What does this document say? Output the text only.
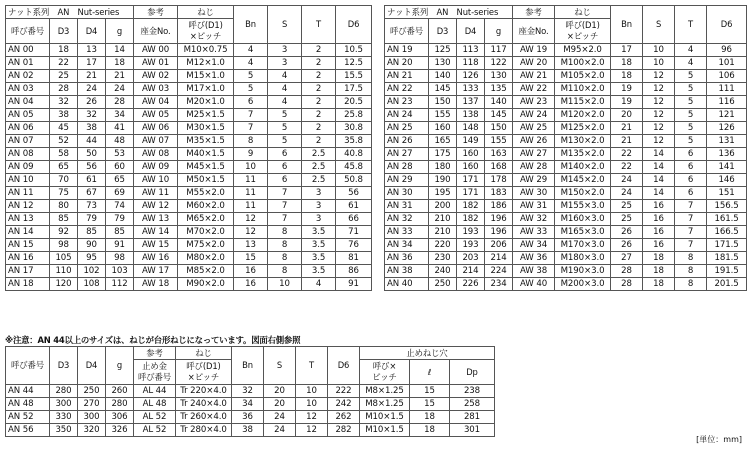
ナット系列　AN　Nut-series				参考	ねじ	Bn	S	T	D6
呼び番号	D3	D4	g	座金No.	呼び(D1)
×ピッチ				

AN 00	18	13	14	AW 00	M10×0.75	4	3	2	10.5
AN 01	22	17	18	AW 01	M12×1.0	4	3	2	12.5
AN 02	25	21	21	AW 02	M15×1.0	5	4	2	15.5
AN 03	28	24	24	AW 03	M17×1.0	5	4	2	17.5
AN 04	32	26	28	AW 04	M20×1.0	6	4	2	20.5
AN 05	38	32	34	AW 05	M25×1.5	7	5	2	25.8
AN 06	45	38	41	AW 06	M30×1.5	7	5	2	30.8
AN 07	52	44	48	AW 07	M35×1.5	8	5	2	35.8
AN 08	58	50	53	AW 08	M40×1.5	9	6	2.5	40.8
AN 09	65	56	60	AW 09	M45×1.5	10	6	2.5	45.8
AN 10	70	61	65	AW 10	M50×1.5	11	6	2.5	50.8
AN 11	75	67	69	AW 11	M55×2.0	11	7	3	56
AN 12	80	73	74	AW 12	M60×2.0	11	7	3	61
AN 13	85	79	79	AW 13	M65×2.0	12	7	3	66
AN 14	92	85	85	AW 14	M70×2.0	12	8	3.5	71
AN 15	98	90	91	AW 15	M75×2.0	13	8	3.5	76
AN 16	105	95	98	AW 16	M80×2.0	15	8	3.5	81
AN 17	110	102	103	AW 17	M85×2.0	16	8	3.5	86
AN 18	120	108	112	AW 18	M90×2.0	16	10	4	91
ナット系列　AN　Nut-series				参考	ねじ	Bn	S	T	D6
呼び番号	D3	D4	g	座金No.	呼び(D1)
×ピッチ				

AN 19	125	113	117	AW 19	M95×2.0	17	10	4	96
AN 20	130	118	122	AW 20	M100×2.0	18	10	4	101
AN 21	140	126	130	AW 21	M105×2.0	18	12	5	106
AN 22	145	133	135	AW 22	M110×2.0	19	12	5	111
AN 23	150	137	140	AW 23	M115×2.0	19	12	5	116
AN 24	155	138	145	AW 24	M120×2.0	20	12	5	121
AN 25	160	148	150	AW 25	M125×2.0	21	12	5	126
AN 26	165	149	155	AW 26	M130×2.0	21	12	5	131
AN 27	175	160	163	AW 27	M135×2.0	22	14	6	136
AN 28	180	160	168	AW 28	M140×2.0	22	14	6	141
AN 29	190	171	178	AW 29	M145×2.0	24	14	6	146
AN 30	195	171	183	AW 30	M150×2.0	24	14	6	151
AN 31	200	182	186	AW 31	M155×3.0	25	16	7	156.5
AN 32	210	182	196	AW 32	M160×3.0	25	16	7	161.5
AN 33	210	193	196	AW 33	M165×3.0	26	16	7	166.5
AN 34	220	193	206	AW 34	M170×3.0	26	16	7	171.5
AN 36	230	203	214	AW 36	M180×3.0	27	18	8	181.5
AN 38	240	214	224	AW 38	M190×3.0	28	18	8	191.5
AN 40	250	226	234	AW 40	M200×3.0	28	18	8	201.5
※注意：AN 44以上のサイズは、ねじが台形ねじになっています。図面右側参照
呼び番号	D3	D4	g	参考	ねじ	Bn	S	T	D6	止めねじ穴		

				止め金
呼び番号	呼び(D1)
×ピッチ					呼び×
ピッチ	ℓ	Dp
AN 44	280	250	260	AL 44	Tr 220×4.0	32	20	10	222	M8×1.25	15	238
AN 48	300	270	280	AL 48	Tr 240×4.0	34	20	10	242	M8×1.25	15	258
AN 52	330	300	306	AL 52	Tr 260×4.0	36	24	12	262	M10×1.5	18	281
AN 56	350	320	326	AL 52	Tr 280×4.0	38	24	12	282	M10×1.5	18	301
[単位：mm]
